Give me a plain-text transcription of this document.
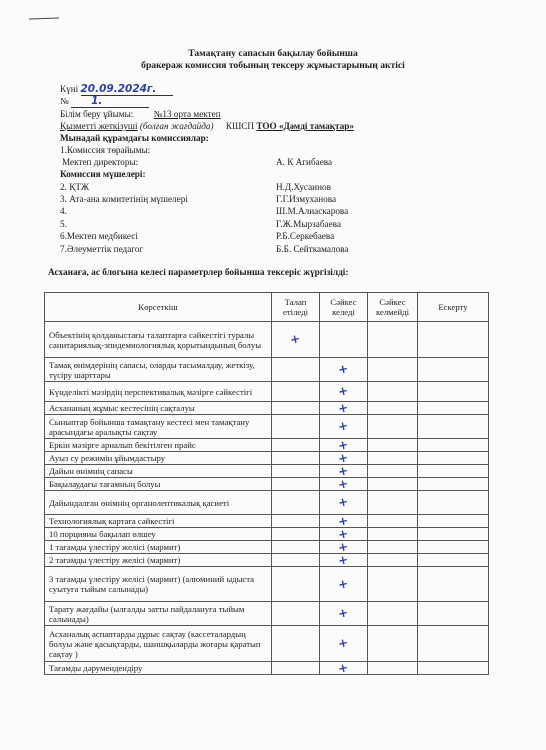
Тамақтану сапасын бақылау бойынша
бракераж комиссия тобының тексеру жұмыстарының актісі
Күні 20.09.2024г.
№ 1.
Білім беру ұйымы: №13 орта мектеп
Қызметті жеткізуші (болған жағдайда) КШСП ТОО «Дәмді тамақтар»
Мынадай құрамдағы комиссиялар:
1.Комиссия төрайымы:
Мектеп директоры:	А. К Агибаева
Комиссия мүшелері:
2. ҚТЖ	Н.Д.Хусаинов
3. Ата-ана комитетінің мүшелері	Г.Г.Измуханова
4.	Ш.М.Алиаскарова
5.	Г.Ж.Мырзабаева
6.Мектеп медбикесі	Р.Б.Серкебаева
7.Әлеуметтік педагог	Б.Б. Сейткамалова
Асханаға, ас блогына келесі параметрлер бойынша тексеріс жүргізілді:
Көрсеткіш	Талап етіледі	Сәйкес келеді	Сәйкес келмейді	Ескерту
Объектінің қолданыстағы талаптарға сәйкестігі туралы санитариялық-эпидемиологиялық қорытындының болуы	+			
Тамақ өнімдерінің сапасы, оларды тасымалдау, жеткізу, түсіру шарттары		+		
Күнделікті мәзірдің перспективалық мәзірге сәйкестігі		+		
Асхананың жұмыс кестесінің сақталуы		+		
Сыныптар бойынша тамақтану кестесі мен тамақтану арасындағы аралықты сақтау		+		
Еркін мәзірге арналып бекітілген прайс		+		
Ауыз су режимін ұйымдастыру		+		
Дайын өнімнің сапасы		+		
Бақылаудағы тағамның болуы		+		
Дайындалған өнімнің органолептикалық қасиеті		+		
Технологиялық картаға сәйкестігі		+		
10 порцияны бақылап өлшеу		+		
1 тағамды үлестіру желісі (мармит)		+		
2 тағамды үлестіру желісі (мармит)		+		
3 тағамды үлестіру желісі (мармит) (алюминий ыдыста суытуға тыйым салынады)		+		
Тарату жағдайы (ылғалды затты пайдалануға тыйым салынады)		+		
Асханалық аспаптарды дұрыс сақтау (кассеталардың болуы және қасықтарды, шаншқыларды жоғары қаратып сақтау )		+		
Тағамды дәрумендендіру		+		
